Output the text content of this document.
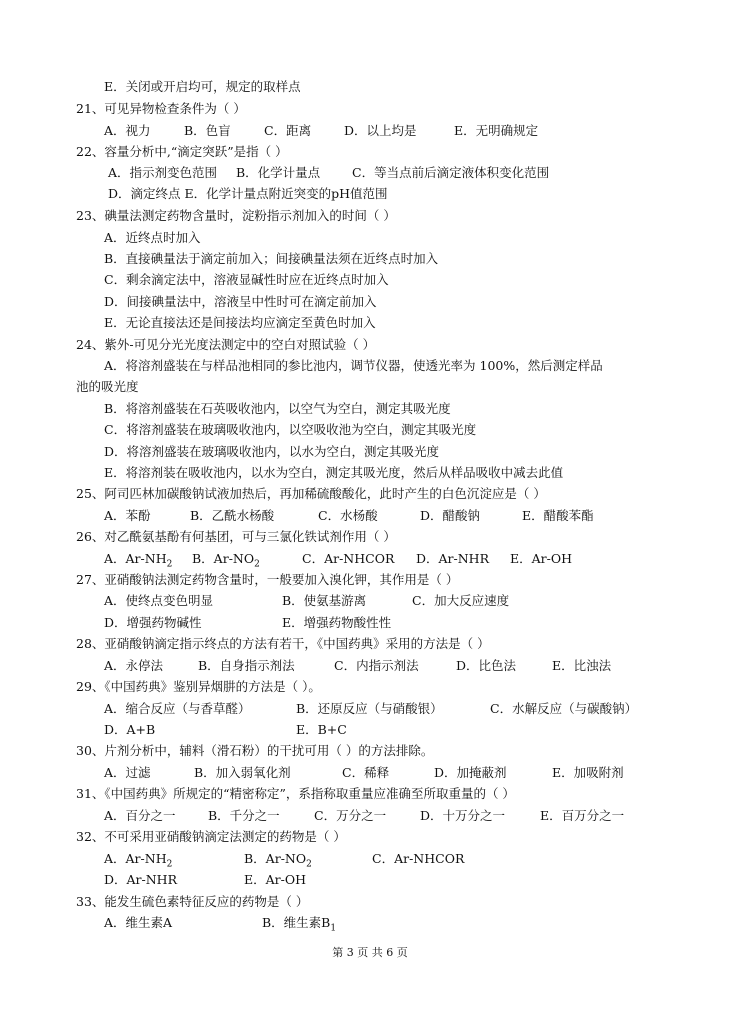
E．关闭或开启均可，规定的取样点
21、可见异物检查条件为（ ）
A．视力	B．色盲	C．距离	D．以上均是	E．无明确规定
22、容量分析中,“滴定突跃”是指（ ）
A．指示剂变色范围 B．化学计量点	C．等当点前后滴定液体积变化范围
D．滴定终点 E．化学计量点附近突变的pH值范围
23、碘量法测定药物含量时，淀粉指示剂加入的时间（ ）
A．近终点时加入
B．直接碘量法于滴定前加入；间接碘量法须在近终点时加入
C．剩余滴定法中，溶液显碱性时应在近终点时加入
D．间接碘量法中，溶液呈中性时可在滴定前加入
E．无论直接法还是间接法均应滴定至黄色时加入
24、紫外-可见分光光度法测定中的空白对照试验（ ）
A．将溶剂盛装在与样品池相同的参比池内，调节仪器，使透光率为 100%，然后测定样品
池的吸光度
B．将溶剂盛装在石英吸收池内，以空气为空白，测定其吸光度
C．将溶剂盛装在玻璃吸收池内，以空吸收池为空白，测定其吸光度
D．将溶剂盛装在玻璃吸收池内，以水为空白，测定其吸光度
E．将溶剂装在吸收池内，以水为空白，测定其吸光度，然后从样品吸收中减去此值
25、阿司匹林加碳酸钠试液加热后，再加稀硫酸酸化，此时产生的白色沉淀应是（ ）
A．苯酚	B．乙酰水杨酸	C．水杨酸	D．醋酸钠	E．醋酸苯酯
26、对乙酰氨基酚有何基团，可与三氯化铁试剂作用（ ）
A．$Ar-NH_2$ B．$Ar-NO_2$	C．Ar-NHCOR D．Ar-NHR E．Ar-OH
27、亚硝酸钠法测定药物含量时，一般要加入溴化钾，其作用是（ ）
A．使终点变色明显	B．使氨基游离	C．加大反应速度
D．增强药物碱性	E．增强药物酸性性
28、亚硝酸钠滴定指示终点的方法有若干，《中国药典》采用的方法是（ ）
A．永停法	B．自身指示剂法	C．内指示剂法	D．比色法	E．比浊法
29、《中国药典》鉴别异烟肼的方法是（ ）。
A．缩合反应（与香草醛）	B．还原反应（与硝酸银）	C．水解反应（与碳酸钠）
D．A+B	E．B+C
30、片剂分析中，辅料（滑石粉）的干扰可用（ ）的方法排除。
A．过滤	B．加入弱氧化剂	C．稀释	D．加掩蔽剂	E．加吸附剂
31、《中国药典》所规定的“精密称定”，系指称取重量应准确至所取重量的（ ）
A．百分之一	B．千分之一	C．万分之一	D．十万分之一	E．百万分之一
32、不可采用亚硝酸钠滴定法测定的药物是（ ）
A．$Ar-NH_2$	B．$Ar-NO_2$	C．Ar-NHCOR
D．Ar-NHR	E．Ar-OH
33、能发生硫色素特征反应的药物是（ ）
A．维生素A	B．维生素$B_1$
第 3 页 共 6 页
